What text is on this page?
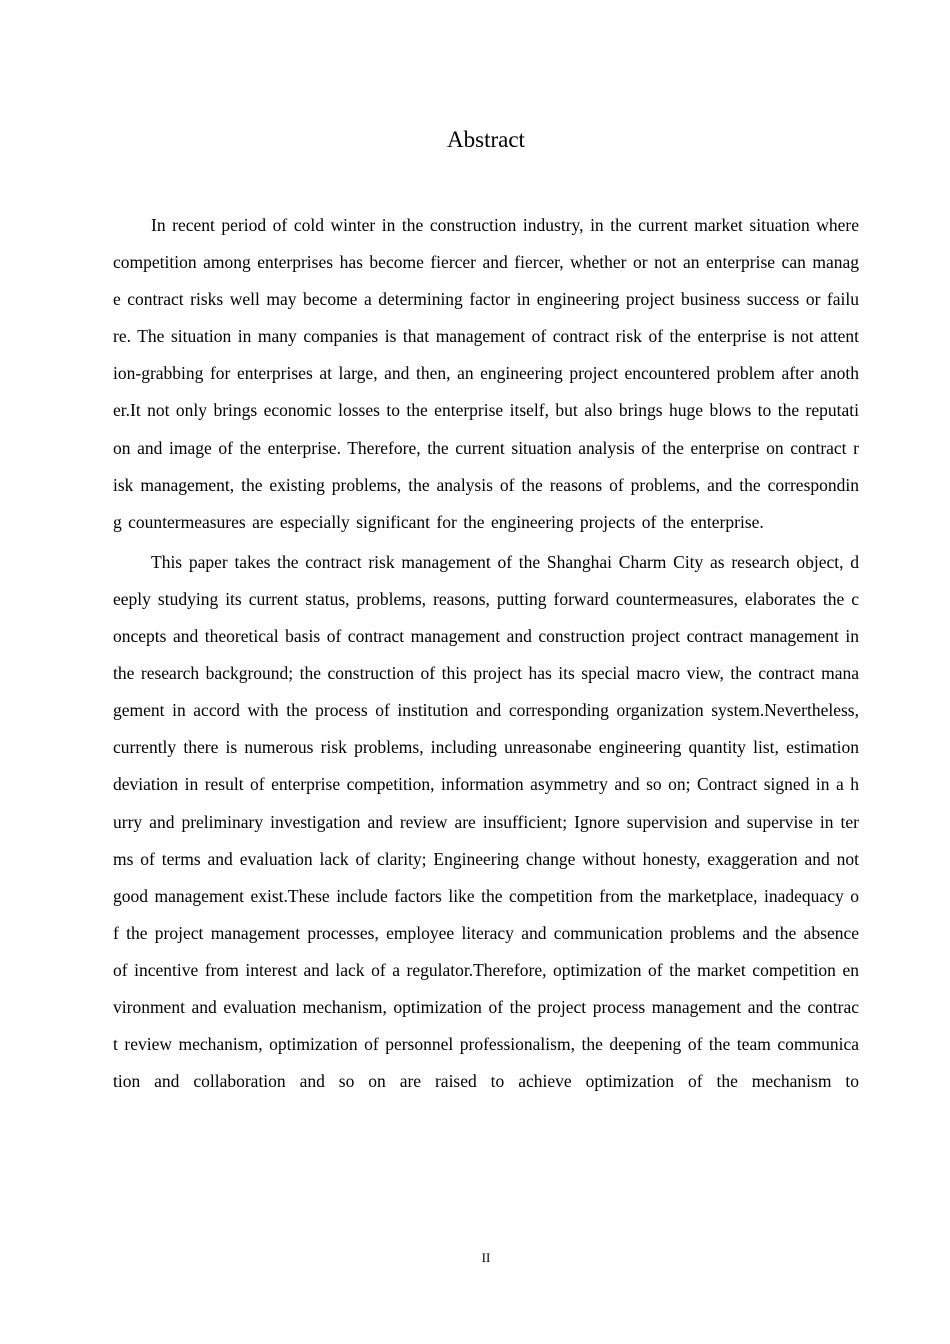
Abstract

In recent period of cold winter in the construction industry, in the current market situation where competition among enterprises has become fiercer and fiercer, whether or not an enterprise can manage contract risks well may become a determining factor in engineering project business success or failure. The situation in many companies is that management of contract risk of the enterprise is not attention-grabbing for enterprises at large, and then, an engineering project encountered problem after another.It not only brings economic losses to the enterprise itself, but also brings huge blows to the reputation and image of the enterprise. Therefore, the current situation analysis of the enterprise on contract risk management, the existing problems, the analysis of the reasons of problems, and the corresponding countermeasures are especially significant for the engineering projects of the enterprise.

This paper takes the contract risk management of the Shanghai Charm City as research object, deeply studying its current status, problems, reasons, putting forward countermeasures, elaborates the concepts and theoretical basis of contract management and construction project contract management in the research background; the construction of this project has its special macro view, the contract management in accord with the process of institution and corresponding organization system.Nevertheless, currently there is numerous risk problems, including unreasonabe engineering quantity list, estimation deviation in result of enterprise competition, information asymmetry and so on; Contract signed in a hurry and preliminary investigation and review are insufficient; Ignore supervision and supervise in terms of terms and evaluation lack of clarity; Engineering change without honesty, exaggeration and not good management exist.These include factors like the competition from the marketplace, inadequacy of the project management processes, employee literacy and communication problems and the absence of incentive from interest and lack of a regulator.Therefore, optimization of the market competition environment and evaluation mechanism, optimization of the project process management and the contract review mechanism, optimization of personnel professionalism, the deepening of the team communication and collaboration and so on are raised to achieve optimization of the mechanism to

II
